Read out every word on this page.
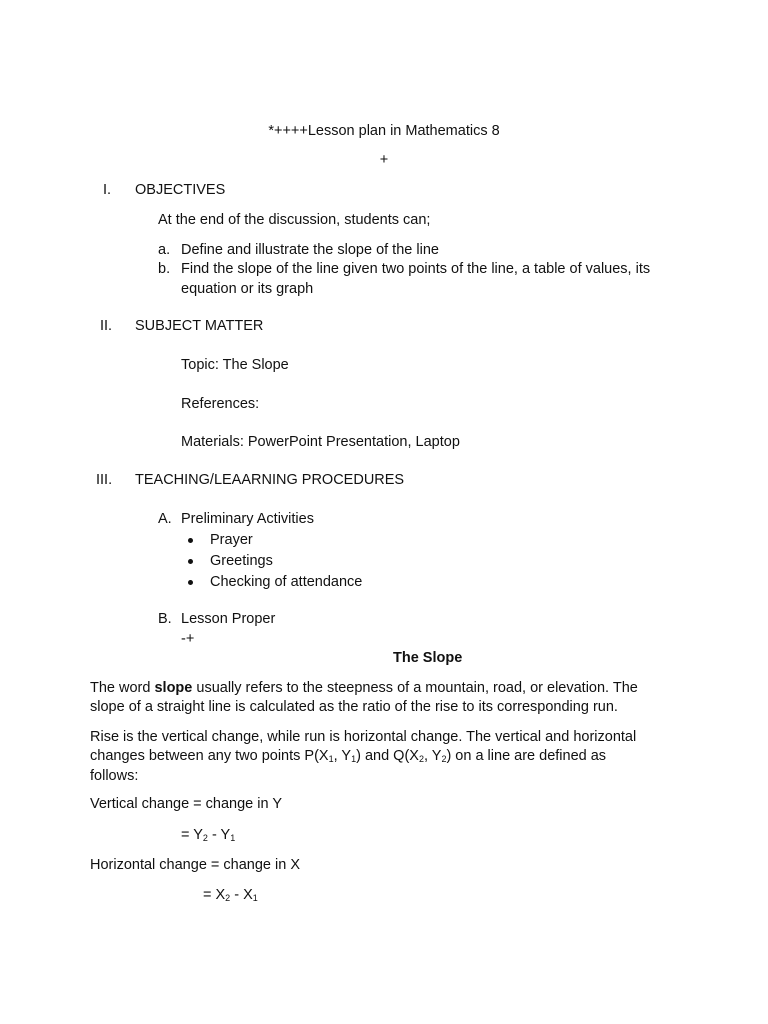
*++++Lesson plan in Mathematics 8
+
I. OBJECTIVES
At the end of the discussion, students can;
a. Define and illustrate the slope of the line
b. Find the slope of the line given two points of the line, a table of values, its
equation or its graph
II. SUBJECT MATTER
Topic: The Slope
References:
Materials: PowerPoint Presentation, Laptop
III. TEACHING/LEAARNING PROCEDURES
A. Preliminary Activities
Prayer
Greetings
Checking of attendance
B. Lesson Proper
-+
The Slope
The word slope usually refers to the steepness of a mountain, road, or elevation. The
slope of a straight line is calculated as the ratio of the rise to its corresponding run.
Rise is the vertical change, while run is horizontal change. The vertical and horizontal
changes between any two points $P(X_1$, $Y_1$) and $Q(X_2$, $Y_2$) on a line are defined as
follows:
Vertical change = change in Y
= $Y_2 - Y_1$
Horizontal change = change in X
= $X_2 - X_1$
